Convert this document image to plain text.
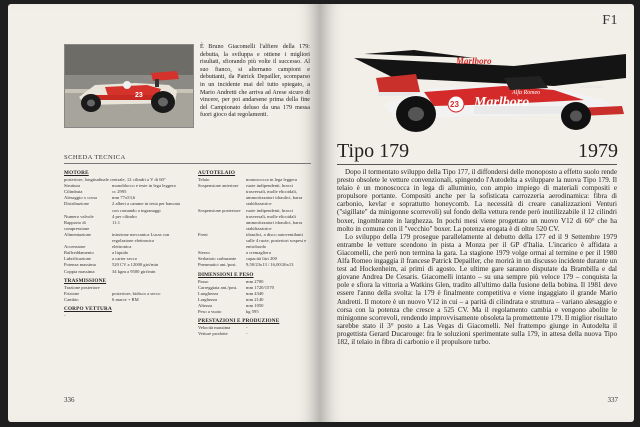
23

È Bruno Giacomelli l'alfiere della 179: debutta, la sviluppa e ottiene i migliori risultati, sfiorando più volte il successo. Al suo fianco, si alternano campioni e debuttanti, da Patrick Depailler, scomparso in un incidente mai del tutto spiegato, a Mario Andretti che arriva ad Arese sicuro di vincere, per poi andarsene prima della fine del Campionato deluso da una 179 messa fuori gioco dai regolamenti.

SCHEDA TECNICA
MOTORE
posteriore, longitudinale centrale, 12 cilindri a V di 60°
Struttura	monoblocco e teste in lega leggera
Cilindrata	cc 2995
Alesaggio x corsa	mm 77x53,6
Distribuzione	2 alberi a camme in testa per bancata con comando a ingranaggi
Numero valvole	4 per cilindro
Rapporto di compressione
11:1
Alimentazione	iniezione meccanica Lucas con regolazione elettronica
Accensione	elettronica
Raffreddamento	a liquido
Lubrificazione	a carter secco
Potenza massima	520 CV a 12000 giri/min
Coppia massima	34 kgm a 9500 giri/min
TRASMISSIONE
Trazione posteriore
Frizione	posteriore, bidisco a secco
Cambio	6 marce + RM
CORPO VETTURA
-
AUTOTELAIO
Telaio	monoscocca in lega leggera
Sospensione anteriore	ruote indipendenti, bracci trasversali, molle elicoidali, ammortizzatori idraulici, barra stabilizzatrice
Sospensione posteriore	ruote indipendenti, bracci trasversali, molle elicoidali ammortizzatori idraulici, barra stabilizzatrice
Freni	idraulici, a disco autoventilanti sulle 4 ruote, posteriori sospesi e entrobordo
Sterzo	a cremagliera
Serbatoio carburante	capacità litri 200
Pneumatici ant./post.	9,50/23x13 / 16,00/26x13
DIMENSIONI E PESO
Passo	mm 2700
Carreggiata ant./post.	mm 1720/1570
Lunghezza	mm 4340
Larghezza	mm 2140
Altezza	mm 1050
Peso a vuoto	kg 595
PRESTAZIONI E PRODUZIONE
Velocità massima	-
Vetture prodotte	-
336
F1
23 Marlboro
Marlboro
Alfa Romeo
GOODYEAR
Tipo 179	1979

Dopo il tormentato sviluppo della Tipo 177, il diffondersi delle monoposto a effetto suolo rende presto obsolete le vetture convenzionali, spingendo l'Autodelta a sviluppare la nuova Tipo 179. Il telaio è un monoscocca in lega di alluminio, con ampio impiego di materiali compositi e propulsore portante. Compositi anche per la sofisticata carrozzeria aerodinamica: fibra di carbonio, kevlar e soprattutto honeycomb. La necessità di creare canalizzazioni Venturi ("sigillate" da minigonne scorrevoli) sul fondo della vettura rende però inutilizzabile il 12 cilindri boxer, ingombrante in larghezza. In pochi mesi viene progettato un nuovo V12 di 60° che ha molto in comune con il "vecchio" boxer. La potenza erogata è di oltre 520 CV.

Lo sviluppo della 179 prosegue parallelamente al debutto della 177 ed il 9 Settembre 1979 entrambe le vetture scendono in pista a Monza per il GP d'Italia. L'incarico è affidata a Giacomelli, che però non termina la gara. La stagione 1979 volge ormai al termine e per il 1980 Alfa Romeo ingaggia il francese Patrick Depailler, che morirà in un discusso incidente durante un test ad Hockenheim, ai primi di agosto. Le ultime gare saranno disputate da Brambilla e dal giovane Andrea De Cesaris. Giacomelli intanto – su una sempre più veloce 179 – conquista la pole e sfiora la vittoria a Watkins Glen, tradito all'ultimo dalla fusione della bobina. Il 1981 deve essere l'anno della svolta: la 179 è finalmente competitiva e viene ingaggiato il grande Mario Andretti. Il motore è un nuovo V12 in cui – a parità di cilindrata e struttura – variano alesaggio e corsa con la potenza che cresce a 525 CV. Ma il regolamento cambia e vengono abolite le minigonne scorrevoli, rendendo improvvisamente obsoleta la prometttente 179. Il miglior risultato sarebbe stato il 3° posto a Las Vegas di Giacomelli. Nel frattempo giunge in Autodelta il progettista Gerard Ducarouge: fra le soluzioni sperimentate sulla 179, in attesa della nuova Tipo 182, il telaio in fibra di carbonio e il propulsore turbo.

337
